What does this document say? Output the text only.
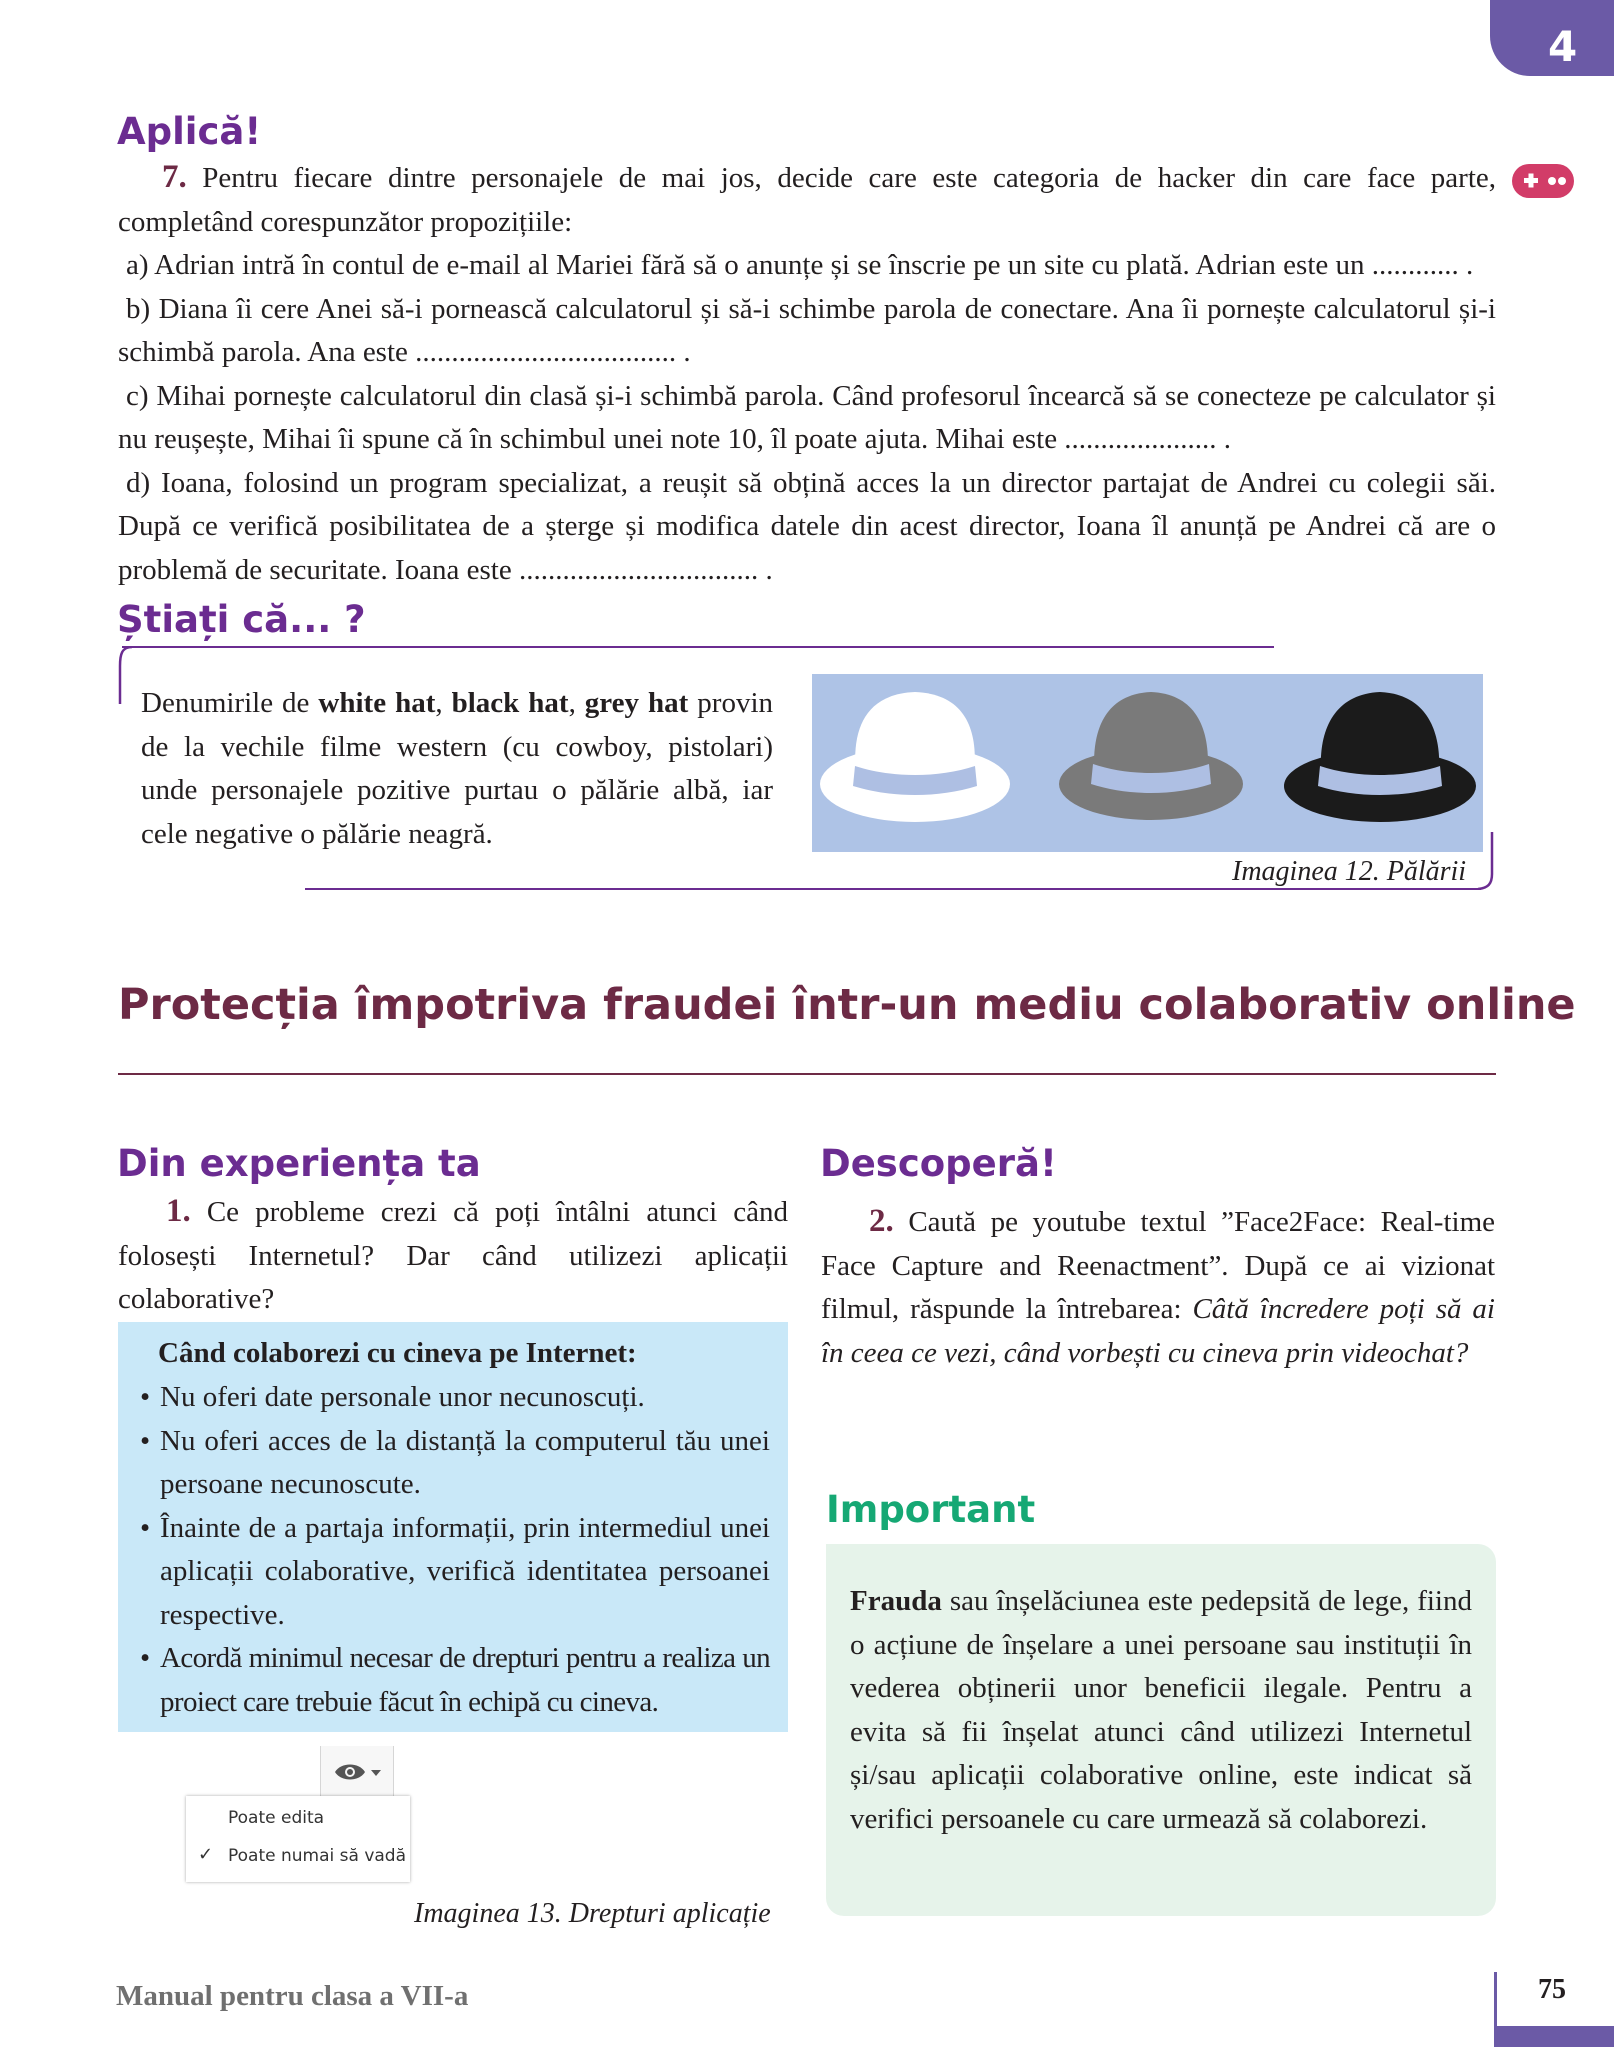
4
Aplică!

7. Pentru fiecare dintre personajele de mai jos, decide care este categoria de hacker din care face parte, completând corespunzător propozițiile:

a) Adrian intră în contul de e-mail al Mariei fără să o anunțe și se înscrie pe un site cu plată. Adrian este un ............ .

b) Diana îi cere Anei să-i pornească calculatorul și să-i schimbe parola de conectare. Ana îi pornește calculatorul și-i schimbă parola. Ana este .................................... .

c) Mihai pornește calculatorul din clasă și-i schimbă parola. Când profesorul încearcă să se conecteze pe calculator și nu reușește, Mihai îi spune că în schimbul unei note 10, îl poate ajuta. Mihai este ..................... .

d) Ioana, folosind un program specializat, a reușit să obțină acces la un director partajat de Andrei cu colegii săi. După ce verifică posibilitatea de a șterge și modifica datele din acest director, Ioana îl anunță pe Andrei că are o problemă de securitate. Ioana este ................................. .

Știați că... ?
Denumirile de white hat, black hat, grey hat provin de la vechile filme western (cu cowboy, pistolari) unde personajele pozitive purtau o pălărie albă, iar cele negative o pălărie neagră.
Imaginea 12. Pălării
Protecția împotriva fraudei într-un mediu colaborativ online
Din experiența ta

1. Ce probleme crezi că poți întâlni atunci când folosești Internetul? Dar când utilizezi aplicații colaborative?

Când colaborezi cu cineva pe Internet:
• Nu oferi date personale unor necunoscuți.
• Nu oferi acces de la distanță la computerul tău unei persoane necunoscute.
• Înainte de a partaja informații, prin intermediul unei aplicații colaborative, verifică identitatea persoanei respective.
• Acordă minimul necesar de drepturi pentru a realiza un proiect care trebuie făcut în echipă cu cineva.
Poate edita
✓ Poate numai să vadă
Imaginea 13. Drepturi aplicație
Descoperă!

2. Caută pe youtube textul ”Face2Face: Real-time Face Capture and Reenactment”. După ce ai vizionat filmul, răspunde la întrebarea: Câtă încredere poți să ai în ceea ce vezi, când vorbești cu cineva prin videochat?

Important

Frauda sau înșelăciunea este pedepsită de lege, fiind o acțiune de înșelare a unei persoane sau instituții în vederea obținerii unor beneficii ilegale. Pentru a evita să fii înșelat atunci când utilizezi Internetul și/sau aplicații colaborative online, este indicat să verifici persoanele cu care urmează să colaborezi.

Manual pentru clasa a VII-a	75
